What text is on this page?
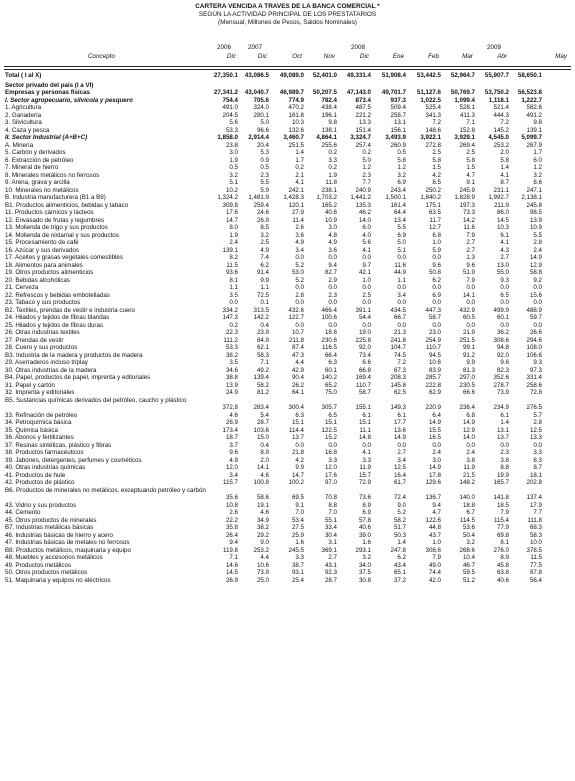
CARTERA VENCIDA A TRAVES DE LA BANCA COMERCIAL *
SEGÚN LA ACTIVIDAD PRINCIPAL DE LOS PRESTATARIOS
(Mensual, Millones de Pesos, Saldos Nominales)
2006	2007	2008	2009
Concepto	Dic	Dic	Oct	Nov	Dic	Ene	Feb	Mar	Abr	May
Total ( I al X)	27,350.1	43,086.5	49,089.0	52,401.0	49,331.4	51,908.4	53,442.5	52,964.7	55,907.7	58,650.1
Sector privado del país (I a VI)
Empresas y personas físicas	27,341.2	43,040.7	46,989.7	50,207.5	47,143.0	49,701.7	51,127.6	50,769.7	53,750.2	56,523.8
I. Sector agropecuario, silvícola y pesquero	754.4	705.6	774.9	782.4	873.4	937.3	1,022.5	1,099.4	1,118.1	1,222.7
1. Agricultura	491.0	324.0	470.2	438.4	487.5	509.4	525.4	528.1	521.4	582.6
2. Ganadería	204.5	280.1	161.8	196.1	221.2	258.7	341.3	411.3	444.3	491.2
3. Silvicultura	5.6	5.0	10.3	9.8	13.3	13.1	7.2	7.1	7.2	9.8
4. Caza y pesca	53.3	96.6	132.6	138.1	151.4	156.1	148.6	152.8	145.2	139.1
II. Sector Industrial (A+B+C)	1,858.0	2,914.4	3,460.7	4,864.1	3,324.7	3,493.9	3,922.1	3,929.1	4,545.0	5,099.7
A. Minería	23.8	20.4	251.5	255.6	257.4	260.9	272.8	269.4	253.2	267.9
5. Carbón y derivados	3.0	5.3	1.4	0.2	0.2	0.5	2.5	2.5	2.0	1.7
6. Extracción de petróleo	1.9	0.9	1.7	3.3	5.0	5.8	5.8	5.8	5.8	6.0
7. Mineral de hierro	0.5	0.5	0.2	0.2	1.2	1.2	1.5	1.5	1.4	1.2
8. Minerales metálicos no ferrosos	3.2	2.3	2.1	1.9	2.3	3.2	4.2	4.7	4.1	3.2
9. Arena, grava y arcilla	5.1	5.5	4.1	11.8	7.7	6.9	8.5	9.1	8.7	8.6
10. Minerales no metálicos	10.2	5.9	242.1	238.1	240.9	243.4	250.2	245.9	231.1	247.1
B. Industria manufacturera (B1 a B9)	1,324.2	1,481.9	1,428.3	1,703.2	1,441.2	1,500.1	1,840.2	1,828.9	1,992.7	2,138.1
B1. Productos alimenticios, bebidas y tabaco	309.8	259.4	120.1	165.2	135.3	161.4	175.1	197.3	211.9	245.8
11. Productos cárnicos y lácteos	17.6	24.6	27.9	40.6	46.2	64.4	63.5	73.3	86.0	98.5
12. Envasado de frutas y legumbres	14.7	26.9	11.4	10.9	14.0	13.4	11.7	14.2	14.5	13.9
13. Molienda de trigo y sus productos	8.0	8.5	2.6	3.0	6.0	5.5	12.7	11.6	10.3	10.9
14. Molienda de nixtamal y sus productos	1.9	3.2	3.6	4.8	4.0	6.9	6.8	7.9	6.1	5.5
15. Procesamiento de café	2.4	2.5	4.9	4.9	5.6	5.0	1.0	2.7	4.1	2.8
16. Azúcar y sus derivados	139.1	4.9	3.4	3.6	4.1	5.1	5.9	2.7	4.3	2.4
17. Aceites y grasas vegetales comestibles	8.2	7.4	0.0	0.0	0.0	0.0	0.0	1.3	2.7	14.9
18. Alimentos para animales	11.5	6.2	5.2	9.4	9.7	11.6	9.6	9.6	13.0	12.9
19. Otros productos alimenticios	93.6	91.4	53.0	82.7	42.1	44.9	50.8	51.9	55.0	58.8
20. Bebidas alcohólicas	8.1	9.9	5.2	2.9	1.0	1.1	6.2	7.9	9.3	9.2
21. Cerveza	1.1	1.1	0.0	0.0	0.0	0.0	0.0	0.0	0.0	0.0
22. Refrescos y bebidas embotelladas	3.5	72.5	2.8	2.3	2.5	3.4	6.9	14.1	6.5	15.6
23. Tabaco y sus productos	0.0	0.1	0.0	0.0	0.0	0.0	0.0	0.0	0.0	0.0
B2. Textiles, prendas de vestir e industria cuero	334.2	313.5	432.6	466.4	391.1	434.5	447.3	432.9	499.9	488.9
24. Hilados y tejidos de fibras blandas	147.3	142.2	122.7	100.6	54.4	66.7	58.7	60.5	60.1	59.7
25. Hilados y tejidos de fibras duras	0.2	0.4	0.0	0.0	0.0	0.0	0.0	0.0	0.0	0.0
26. Otras industrias textiles	22.3	23.9	10.7	18.6	19.0	21.3	23.0	21.9	36.2	26.6
27. Prendas de vestir	111.2	84.9	211.8	230.6	225.8	241.8	254.9	251.5	308.6	294.6
28. Cuero y sus productos	53.3	62.1	87.4	116.5	92.0	104.7	110.7	99.1	94.8	108.0
B3. Industria de la madera y productos de madera	38.2	58.3	47.3	66.4	73.4	74.5	94.5	91.2	92.0	106.6
29. Aserraderos incluso triplay	3.5	7.1	4.4	6.3	6.6	7.2	10.6	9.9	9.6	9.3
30. Otras industrias de la madera	34.6	49.2	42.9	60.1	66.8	67.3	83.9	81.3	82.3	97.3
B4. Papel, productos de papel, imprenta y editoriales	38.8	139.4	90.4	140.2	169.4	208.3	285.7	297.0	352.6	331.4
31. Papel y cartón	13.9	58.2	26.2	65.2	110.7	145.8	222.8	230.5	278.7	258.6
32. Imprenta y editoriales	24.9	81.2	64.1	75.0	58.7	62.5	62.9	66.6	73.9	72.8
B5. Sustancias químicas derivados del petróleo, caucho y plástico
372.8	283.4	300.4	305.7	155.1	149.3	220.9	236.4	234.9	276.5
33. Refinación de petróleo	4.6	5.4	6.3	6.5	6.1	6.1	6.4	6.8	6.1	5.7
34. Petroquímica básica	26.9	28.7	15.1	15.1	15.1	17.7	14.9	14.9	1.4	2.8
35. Química básica	173.4	103.6	114.4	122.5	11.1	13.6	15.5	12.9	13.1	12.5
36. Abonos y fertilizantes	18.7	15.0	13.7	15.2	14.8	14.9	16.5	14.0	13.7	13.3
37. Resinas sintéticas, plástico y fibras	3.7	0.4	0.0	0.0	0.0	0.0	0.0	0.0	0.0	0.0
38. Productos farmacéuticos	9.6	8.9	21.8	16.8	4.1	2.7	2.4	2.4	2.3	3.3
39. Jabones, detergentes, perfumes y cosméticos	4.9	2.0	4.2	3.3	3.3	3.4	3.0	3.8	3.8	8.3
40. Otras industrias químicas	12.0	14.1	9.9	12.0	11.9	12.5	14.9	11.9	8.8	8.7
41. Productos de hule	3.4	4.6	14.7	17.6	15.7	16.4	17.8	21.5	19.9	18.1
42. Productos de plástico	115.7	100.8	100.2	97.0	72.9	61.7	129.6	148.2	165.7	202.8
B6. Productos de minerales no metálicos, exceptuando petróleo y carbón
35.6	58.6	69.5	70.8	73.6	72.4	136.7	140.0	141.8	137.4
43. Vidrio y sus productos	10.8	19.1	9.1	8.8	8.9	9.0	9.4	18.8	18.5	17.9
44. Cemento	2.6	4.6	7.0	7.0	6.9	5.2	4.7	6.7	7.9	7.7
45. Otros productos de minerales	22.2	34.9	53.4	55.1	57.8	58.2	122.6	114.5	115.4	111.8
B7. Industrias metálicas básicas	35.8	38.2	27.5	33.4	40.6	51.7	44.8	53.6	77.9	68.3
46. Industrias básicas de hierro y acero	26.4	29.2	25.9	30.4	39.0	50.3	43.7	50.4	69.8	58.3
47. Industrias básicas de metales no ferrosos	9.4	9.0	1.6	3.1	1.6	1.4	1.0	3.2	8.1	10.0
B8. Productos metálicos, maquinaria y equipo	119.8	253.2	245.5	369.1	293.1	247.8	308.6	268.6	276.0	378.5
48. Muebles y accesorios metálicos	7.1	4.4	3.3	2.7	3.2	6.2	7.9	10.4	8.9	11.5
49. Productos metálicos	14.6	10.6	38.7	43.1	34.0	43.4	49.0	46.7	45.8	77.5
50. Otros productos metálicos	14.5	73.9	93.1	92.3	37.5	65.1	74.4	59.5	63.8	87.8
51. Maquinaria y equipos no eléctricos	26.9	25.0	25.4	28.7	30.8	37.2	42.0	51.2	40.6	56.4
